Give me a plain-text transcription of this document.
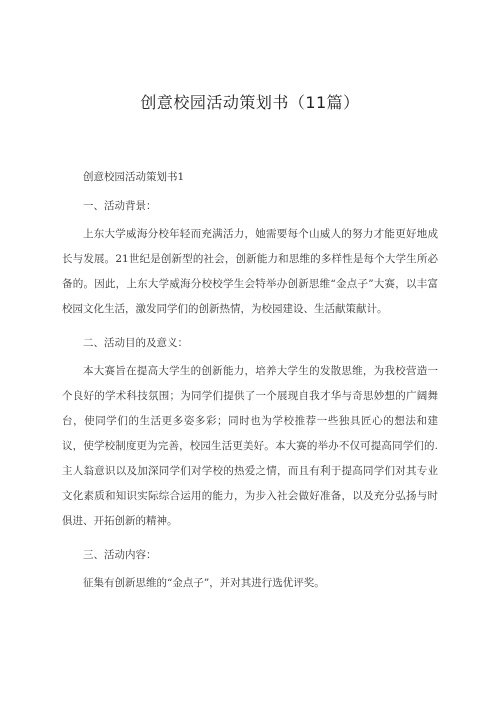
创意校园活动策划书（11篇）

创意校园活动策划书1

一、活动背景：

上东大学威海分校年轻而充满活力，她需要每个山威人的努力才能更好地成长与发展。21世纪是创新型的社会，创新能力和思维的多样性是每个大学生所必备的。因此，上东大学威海分校校学生会特举办创新思维“金点子”大赛，以丰富校园文化生活，激发同学们的创新热情，为校园建设、生活献策献计。

二、活动目的及意义：

本大赛旨在提高大学生的创新能力，培养大学生的发散思维，为我校营造一个良好的学术科技氛围；为同学们提供了一个展现自我才华与奇思妙想的广阔舞台，使同学们的生活更多姿多彩；同时也为学校推荐一些独具匠心的想法和建议，使学校制度更为完善，校园生活更美好。本大赛的举办不仅可提高同学们的.主人翁意识以及加深同学们对学校的热爱之情，而且有利于提高同学们对其专业文化素质和知识实际综合运用的能力，为步入社会做好准备，以及充分弘扬与时俱进、开拓创新的精神。

三、活动内容：

征集有创新思维的“金点子”，并对其进行选优评奖。
